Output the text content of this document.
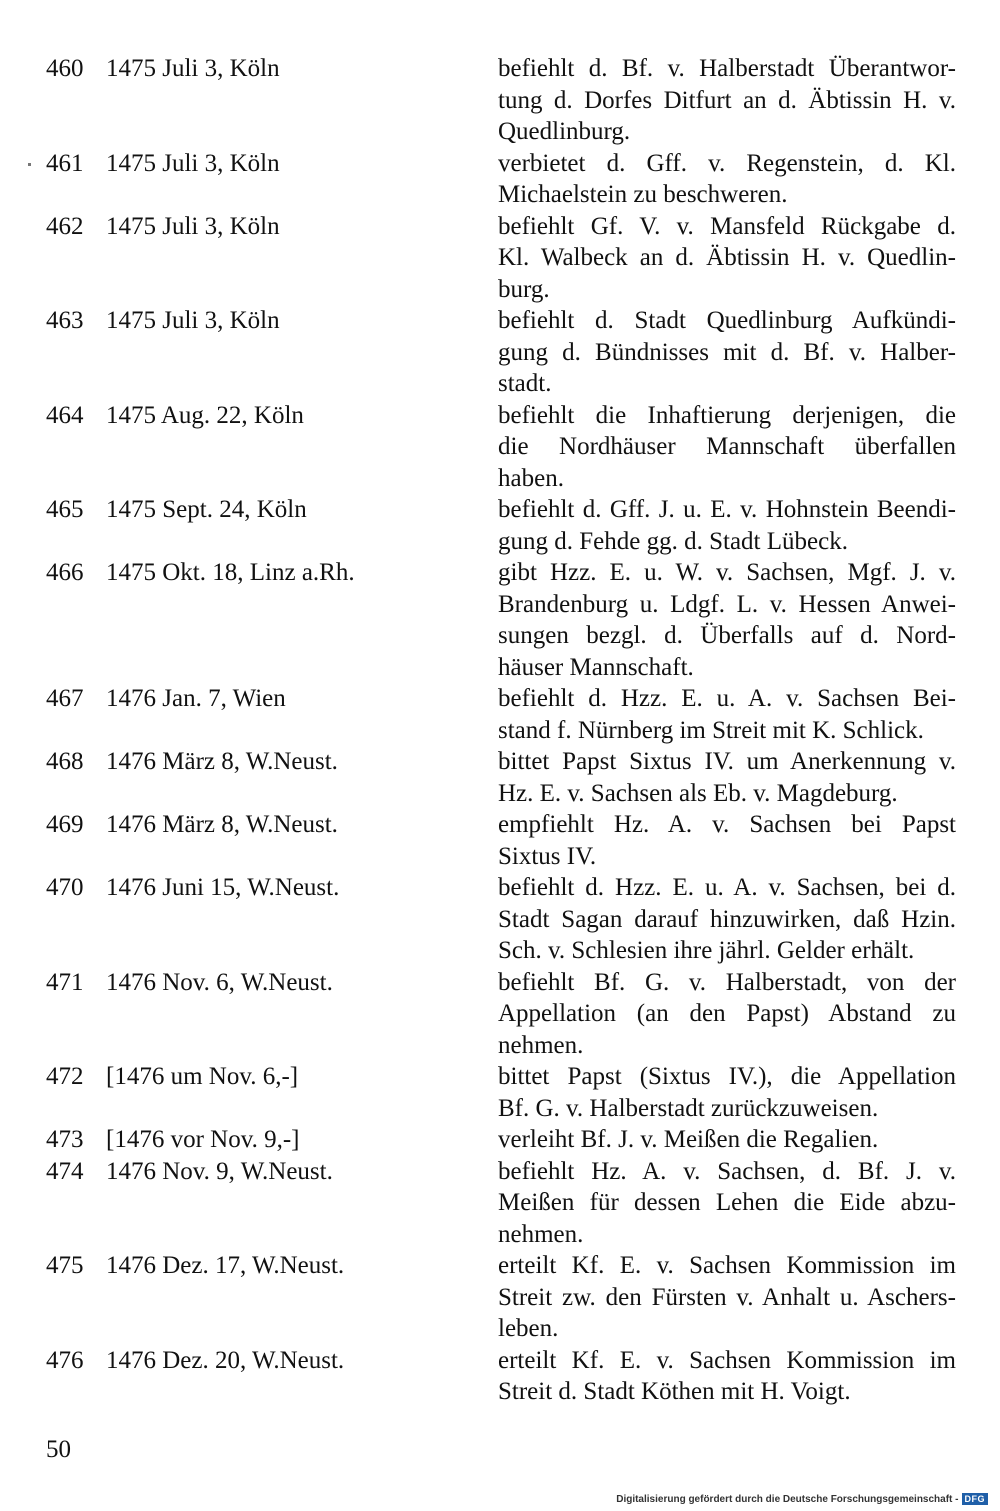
460 1475 Juli 3, Köln	befiehlt d. Bf. v. Halberstadt Überantwor-
tung d. Dorfes Ditfurt an d. Äbtissin H. v.
Quedlinburg.
461 1475 Juli 3, Köln	verbietet d. Gff. v. Regenstein, d. Kl.
Michaelstein zu beschweren.
462 1475 Juli 3, Köln	befiehlt Gf. V. v. Mansfeld Rückgabe d.
Kl. Walbeck an d. Äbtissin H. v. Quedlin-
burg.
463 1475 Juli 3, Köln	befiehlt d. Stadt Quedlinburg Aufkündi-
gung d. Bündnisses mit d. Bf. v. Halber-
stadt.
464 1475 Aug. 22, Köln	befiehlt die Inhaftierung derjenigen, die
die Nordhäuser Mannschaft überfallen
haben.
465 1475 Sept. 24, Köln	befiehlt d. Gff. J. u. E. v. Hohnstein Beendi-
gung d. Fehde gg. d. Stadt Lübeck.
466 1475 Okt. 18, Linz a.Rh.	gibt Hzz. E. u. W. v. Sachsen, Mgf. J. v.
Brandenburg u. Ldgf. L. v. Hessen Anwei-
sungen bezgl. d. Überfalls auf d. Nord-
häuser Mannschaft.
467 1476 Jan. 7, Wien	befiehlt d. Hzz. E. u. A. v. Sachsen Bei-
stand f. Nürnberg im Streit mit K. Schlick.
468 1476 März 8, W.Neust.	bittet Papst Sixtus IV. um Anerkennung v.
Hz. E. v. Sachsen als Eb. v. Magdeburg.
469 1476 März 8, W.Neust.	empfiehlt Hz. A. v. Sachsen bei Papst
Sixtus IV.
470 1476 Juni 15, W.Neust.	befiehlt d. Hzz. E. u. A. v. Sachsen, bei d.
Stadt Sagan darauf hinzuwirken, daß Hzin.
Sch. v. Schlesien ihre jährl. Gelder erhält.
471 1476 Nov. 6, W.Neust.	befiehlt Bf. G. v. Halberstadt, von der
Appellation (an den Papst) Abstand zu
nehmen.
472 [1476 um Nov. 6,-]	bittet Papst (Sixtus IV.), die Appellation
Bf. G. v. Halberstadt zurückzuweisen.
473 [1476 vor Nov. 9,-]	verleiht Bf. J. v. Meißen die Regalien.
474 1476 Nov. 9, W.Neust.	befiehlt Hz. A. v. Sachsen, d. Bf. J. v.
Meißen für dessen Lehen die Eide abzu-
nehmen.
475 1476 Dez. 17, W.Neust.	erteilt Kf. E. v. Sachsen Kommission im
Streit zw. den Fürsten v. Anhalt u. Aschers-
leben.
476 1476 Dez. 20, W.Neust.	erteilt Kf. E. v. Sachsen Kommission im
Streit d. Stadt Köthen mit H. Voigt.
50
Digitalisierung gefördert durch die Deutsche Forschungsgemeinschaft - DFG
